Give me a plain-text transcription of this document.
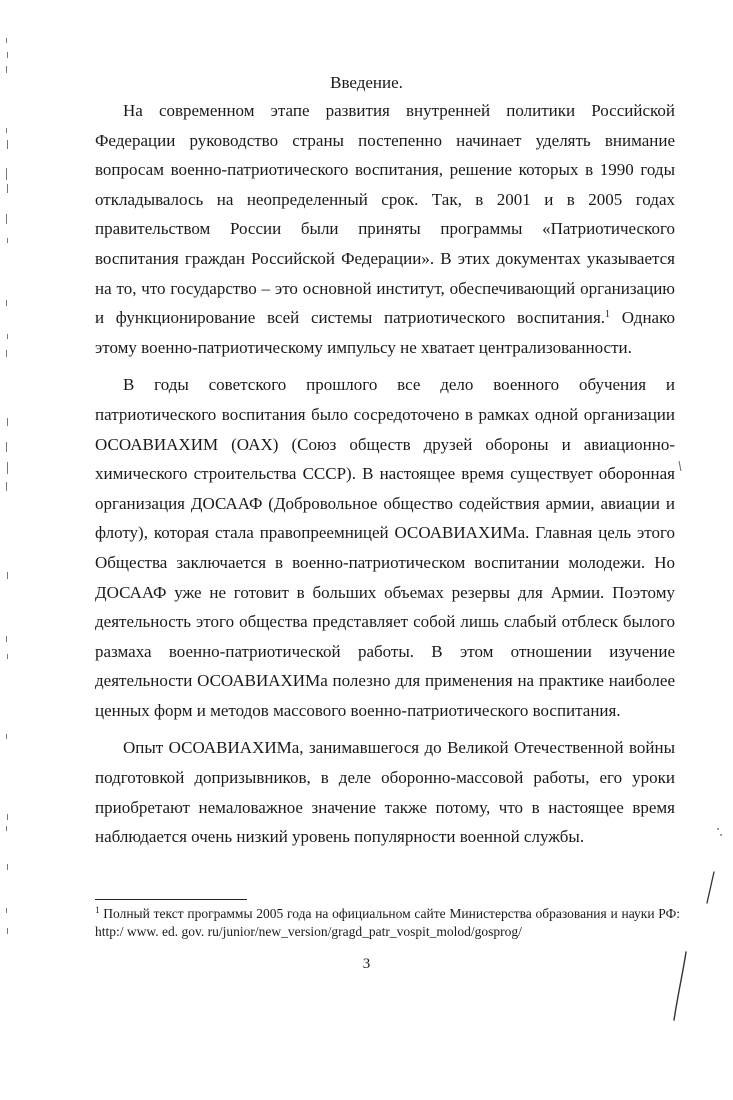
Введение.

На современном этапе развития внутренней политики Российской Федерации руководство страны постепенно начинает уделять внимание вопросам военно-патриотического воспитания, решение которых в 1990 годы откладывалось на неопределенный срок. Так, в 2001 и в 2005 годах правительством России были приняты программы «Патриотического воспитания граждан Российской Федерации». В этих документах указывается на то, что государство – это основной институт, обеспечивающий организацию и функционирование всей системы патриотического воспитания.$^1$ Однако этому военно-патриотическому импульсу не хватает централизованности.

В годы советского прошлого все дело военного обучения и патриотического воспитания было сосредоточено в рамках одной организации ОСОАВИАХИМ (ОАХ) (Союз обществ друзей обороны и авиационно-химического строительства СССР). В настоящее время существует оборонная организация ДОСААФ (Добровольное общество содействия армии, авиации и флоту), которая стала правопреемницей ОСОАВИАХИМа. Главная цель этого Общества заключается в военно-патриотическом воспитании молодежи. Но ДОСААФ уже не готовит в больших объемах резервы для Армии. Поэтому деятельность этого общества представляет собой лишь слабый отблеск былого размаха военно-патриотической работы. В этом отношении изучение деятельности ОСОАВИАХИМа полезно для применения на практике наиболее ценных форм и методов массового военно-патриотического воспитания.

Опыт ОСОАВИАХИМа, занимавшегося до Великой Отечественной войны подготовкой допризывников, в деле оборонно-массовой работы, его уроки приобретают немаловажное значение также потому, что в настоящее время наблюдается очень низкий уровень популярности военной службы.

$^1$ Полный текст программы 2005 года на официальном сайте Министерства образования и науки РФ: http:/ www. ed. gov. ru/junior/new_version/gragd_patr_vospit_molod/gosprog/

3
